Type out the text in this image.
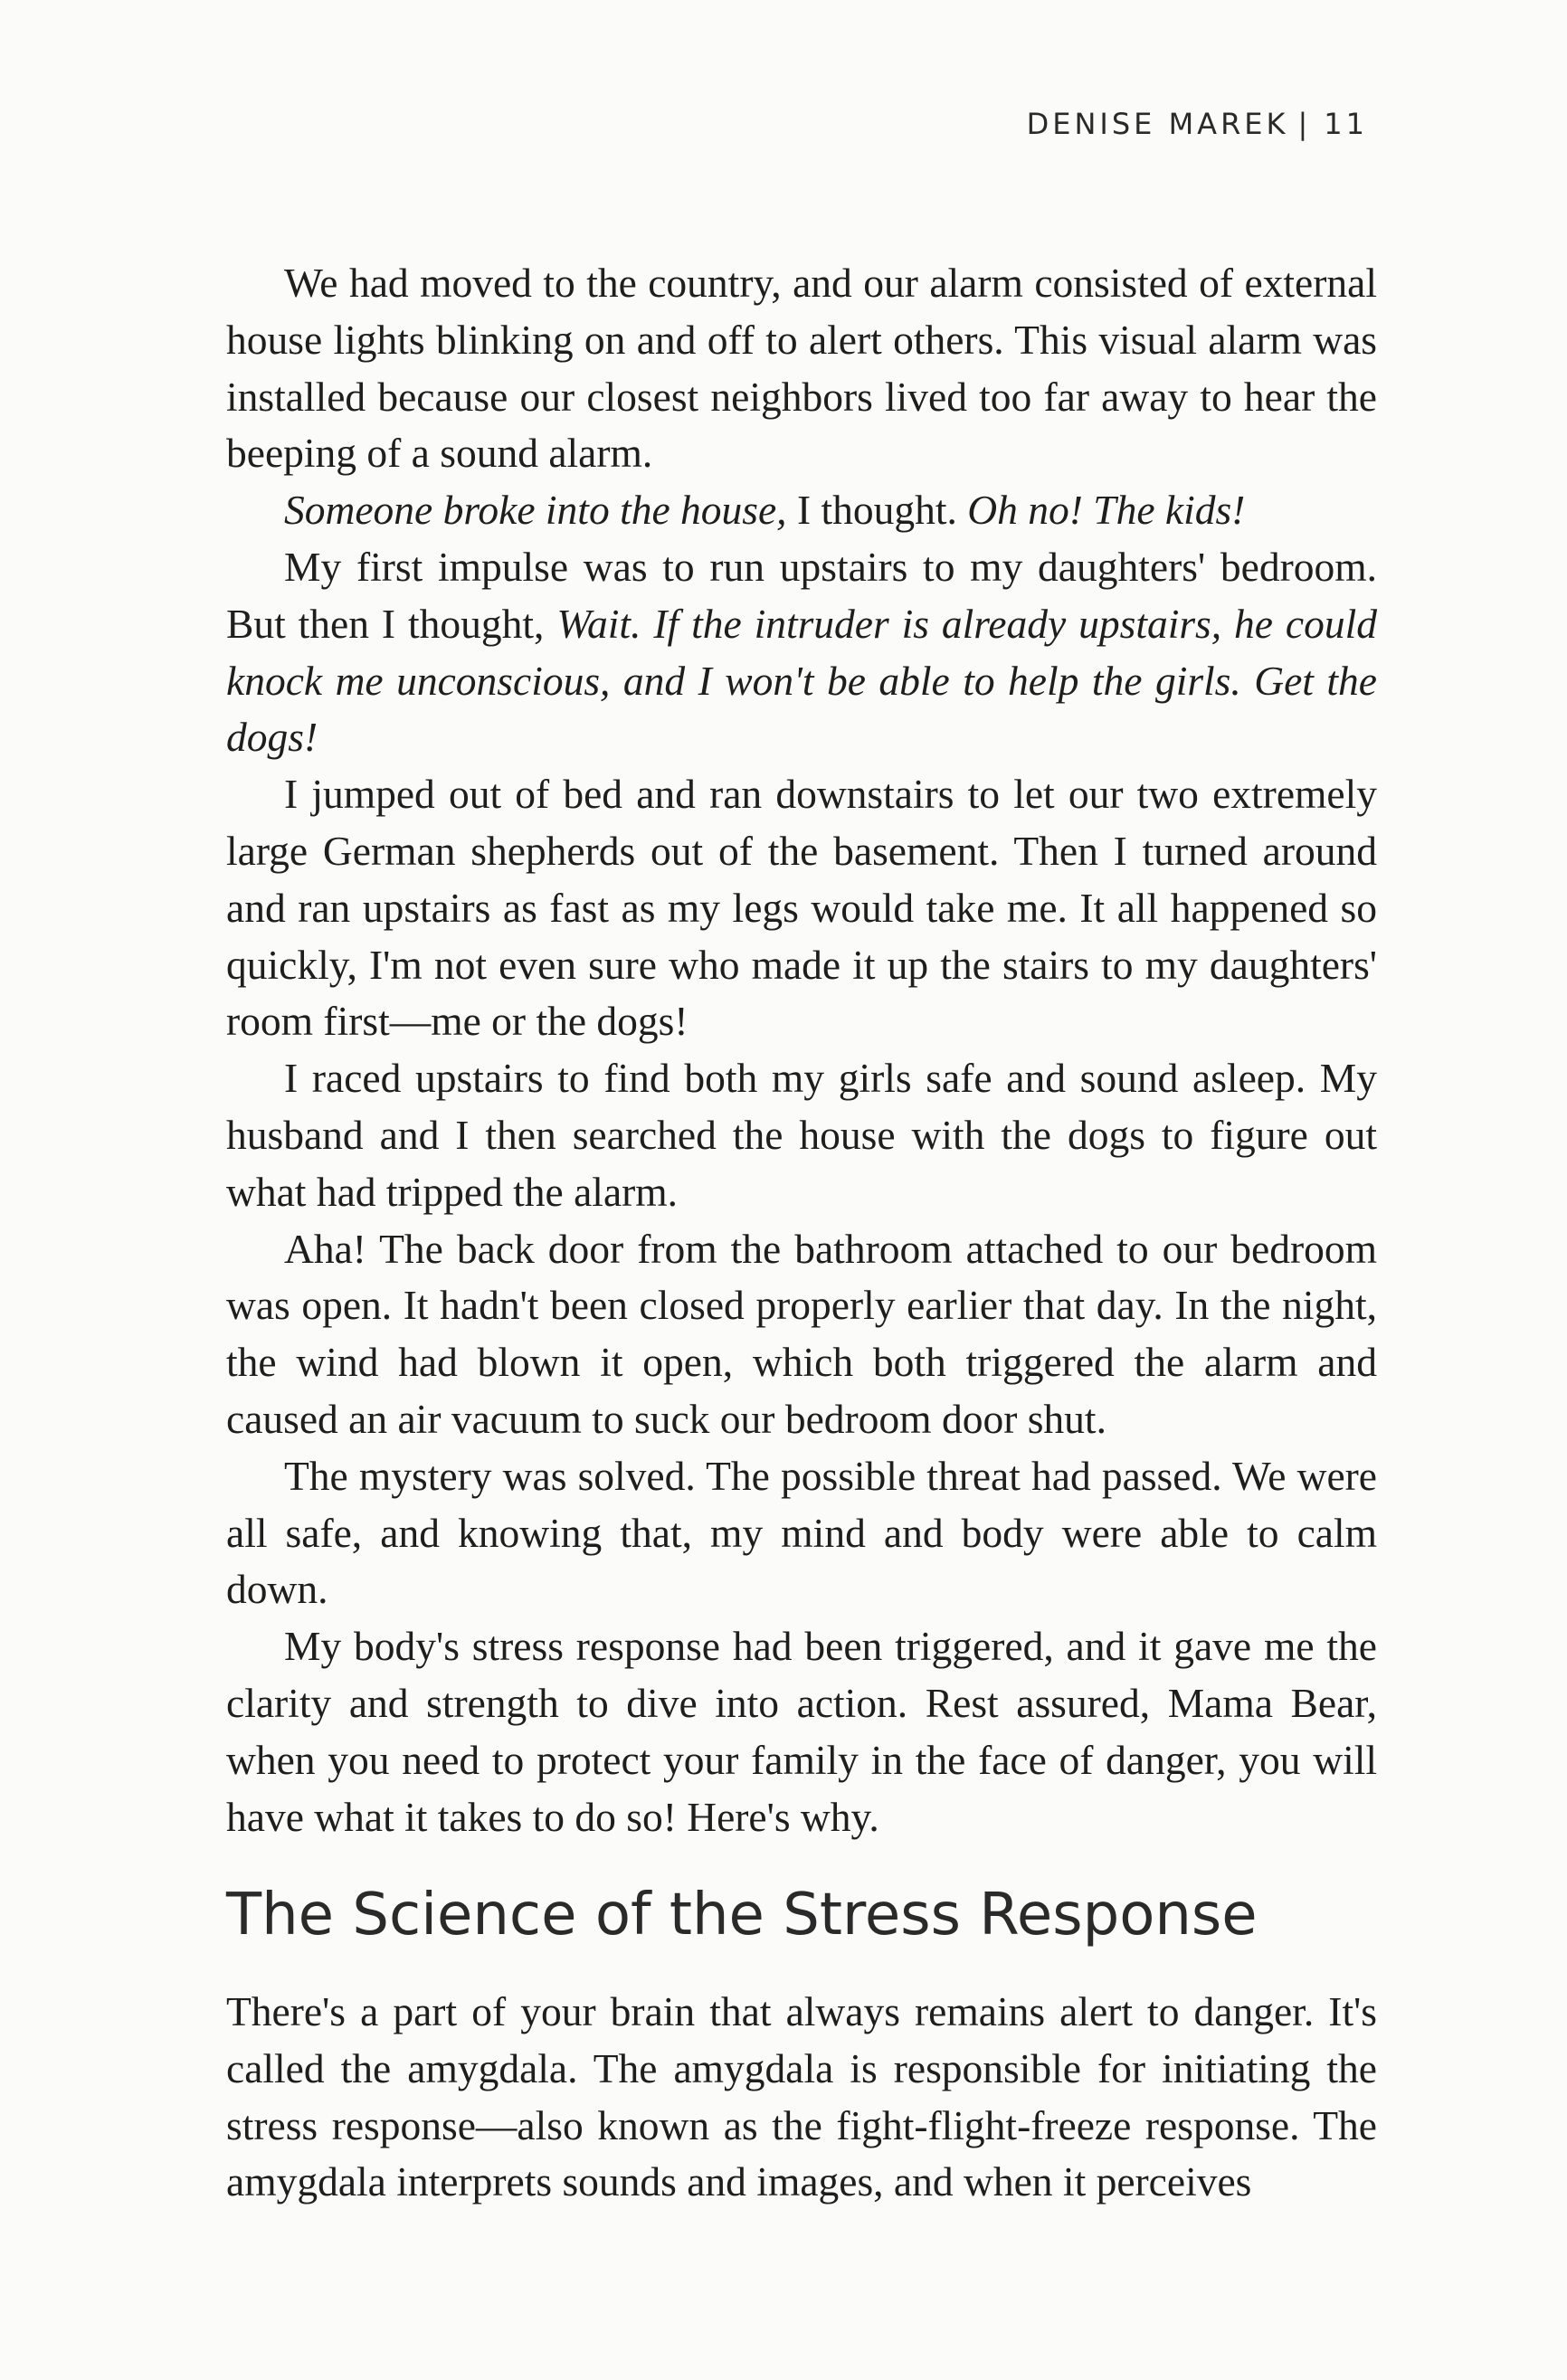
DENISE MAREK | 11

We had moved to the country, and our alarm consisted of external house lights blinking on and off to alert others. This visual alarm was installed because our closest neighbors lived too far away to hear the beeping of a sound alarm.

Someone broke into the house, I thought. Oh no! The kids!

My first impulse was to run upstairs to my daughters' bedroom. But then I thought, Wait. If the intruder is already upstairs, he could knock me unconscious, and I won't be able to help the girls. Get the dogs!

I jumped out of bed and ran downstairs to let our two extremely large German shepherds out of the basement. Then I turned around and ran upstairs as fast as my legs would take me. It all happened so quickly, I'm not even sure who made it up the stairs to my daughters' room first—me or the dogs!

I raced upstairs to find both my girls safe and sound asleep. My husband and I then searched the house with the dogs to figure out what had tripped the alarm.

Aha! The back door from the bathroom attached to our bedroom was open. It hadn't been closed properly earlier that day. In the night, the wind had blown it open, which both triggered the alarm and caused an air vacuum to suck our bedroom door shut.

The mystery was solved. The possible threat had passed. We were all safe, and knowing that, my mind and body were able to calm down.

My body's stress response had been triggered, and it gave me the clarity and strength to dive into action. Rest assured, Mama Bear, when you need to protect your family in the face of danger, you will have what it takes to do so! Here's why.

The Science of the Stress Response

There's a part of your brain that always remains alert to danger. It's called the amygdala. The amygdala is responsible for initiating the stress response—also known as the fight-flight-freeze response. The amygdala interprets sounds and images, and when it perceives
